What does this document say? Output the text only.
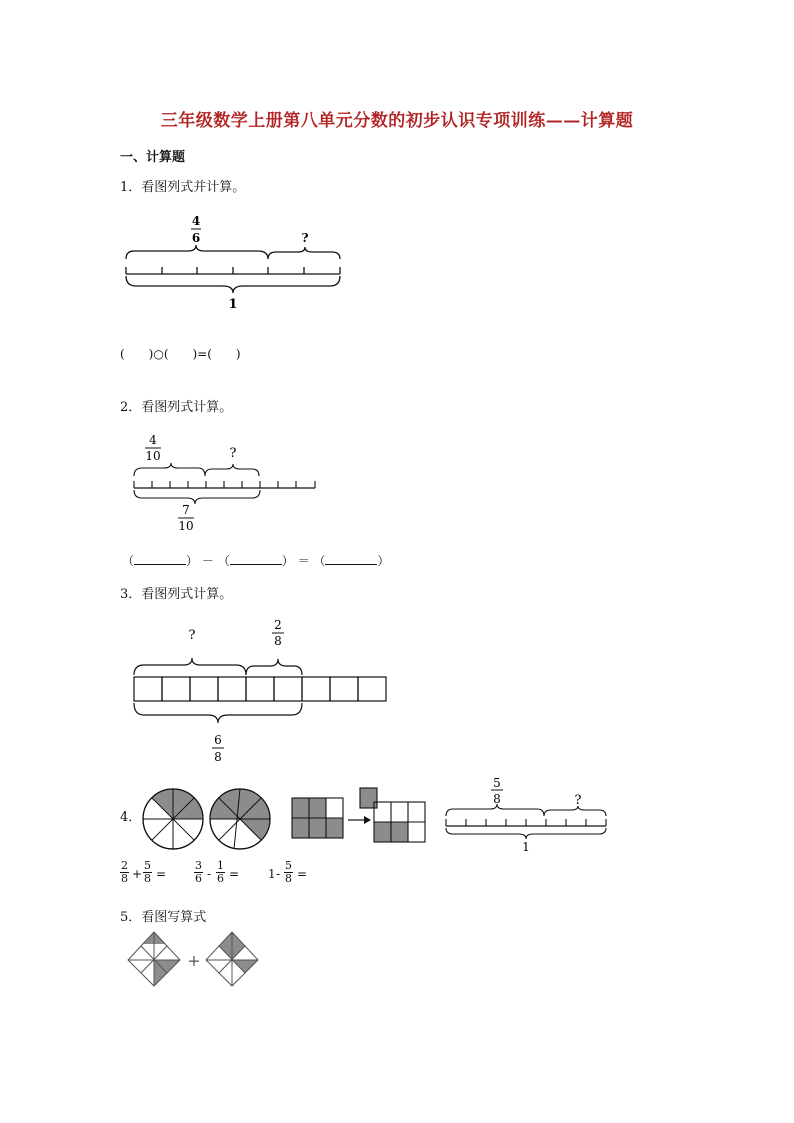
三年级数学上册第八单元分数的初步认识专项训练——计算题
一、计算题
1．看图列式并计算。
4
6	?
1
(　　)○(　　)=(　　)
2．看图列式计算。
4
10	?
7
10
（	） － （	） ＝ （	）
3．看图列式计算。
?
2
8
6
8
4．
5
8	?
1
2
8 +
5
8 =
3
6 -
1
6 = 1 -
5
8 =
5．看图写算式
+
